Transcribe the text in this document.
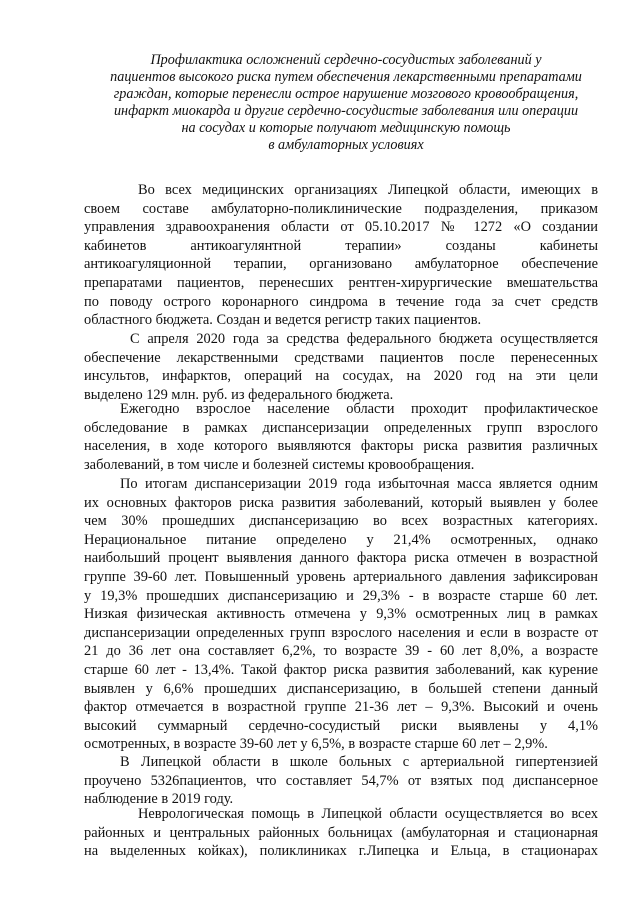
Профилактика осложнений сердечно-сосудистых заболеваний у
пациентов высокого риска путем обеспечения лекарственными препаратами
граждан, которые перенесли острое нарушение мозгового кровообращения,
инфаркт миокарда и другие сердечно-сосудистые заболевания или операции
на сосудах и которые получают медицинскую помощь
в амбулаторных условиях
Во всех медицинских организациях Липецкой области, имеющих в
своем составе амбулаторно-поликлинические подразделения, приказом
управления здравоохранения области от 05.10.2017 № 1272 «О создании
кабинетов антикоагулянтной терапии» созданы кабинеты
антикоагуляционной терапии, организовано амбулаторное обеспечение
препаратами пациентов, перенесших рентген-хирургические вмешательства
по поводу острого коронарного синдрома в течение года за счет средств
областного бюджета. Создан и ведется регистр таких пациентов.
С апреля 2020 года за средства федерального бюджета осуществляется
обеспечение лекарственными средствами пациентов после перенесенных
инсультов, инфарктов, операций на сосудах, на 2020 год на эти цели
выделено 129 млн. руб. из федерального бюджета.
Ежегодно взрослое население области проходит профилактическое
обследование в рамках диспансеризации определенных групп взрослого
населения, в ходе которого выявляются факторы риска развития различных
заболеваний, в том числе и болезней системы кровообращения.
По итогам диспансеризации 2019 года избыточная масса является одним
их основных факторов риска развития заболеваний, который выявлен у более
чем 30% прошедших диспансеризацию во всех возрастных категориях.
Нерациональное питание определено у 21,4% осмотренных, однако
наибольший процент выявления данного фактора риска отмечен в возрастной
группе 39-60 лет. Повышенный уровень артериального давления зафиксирован
у 19,3% прошедших диспансеризацию и 29,3% - в возрасте старше 60 лет.
Низкая физическая активность отмечена у 9,3% осмотренных лиц в рамках
диспансеризации определенных групп взрослого населения и если в возрасте от
21 до 36 лет она составляет 6,2%, то возрасте 39 - 60 лет 8,0%, а возрасте
старше 60 лет - 13,4%. Такой фактор риска развития заболеваний, как курение
выявлен у 6,6% прошедших диспансеризацию, в большей степени данный
фактор отмечается в возрастной группе 21-36 лет – 9,3%. Высокий и очень
высокий суммарный сердечно-сосудистый риски выявлены у 4,1%
осмотренных, в возрасте 39-60 лет у 6,5%, в возрасте старше 60 лет – 2,9%.
В Липецкой области в школе больных с артериальной гипертензией
проучено 5326пациентов, что составляет 54,7% от взятых под диспансерное
наблюдение в 2019 году.
Неврологическая помощь в Липецкой области осуществляется во всех
районных и центральных районных больницах (амбулаторная и стационарная
на выделенных койках), поликлиниках г.Липецка и Ельца, в стационарах
